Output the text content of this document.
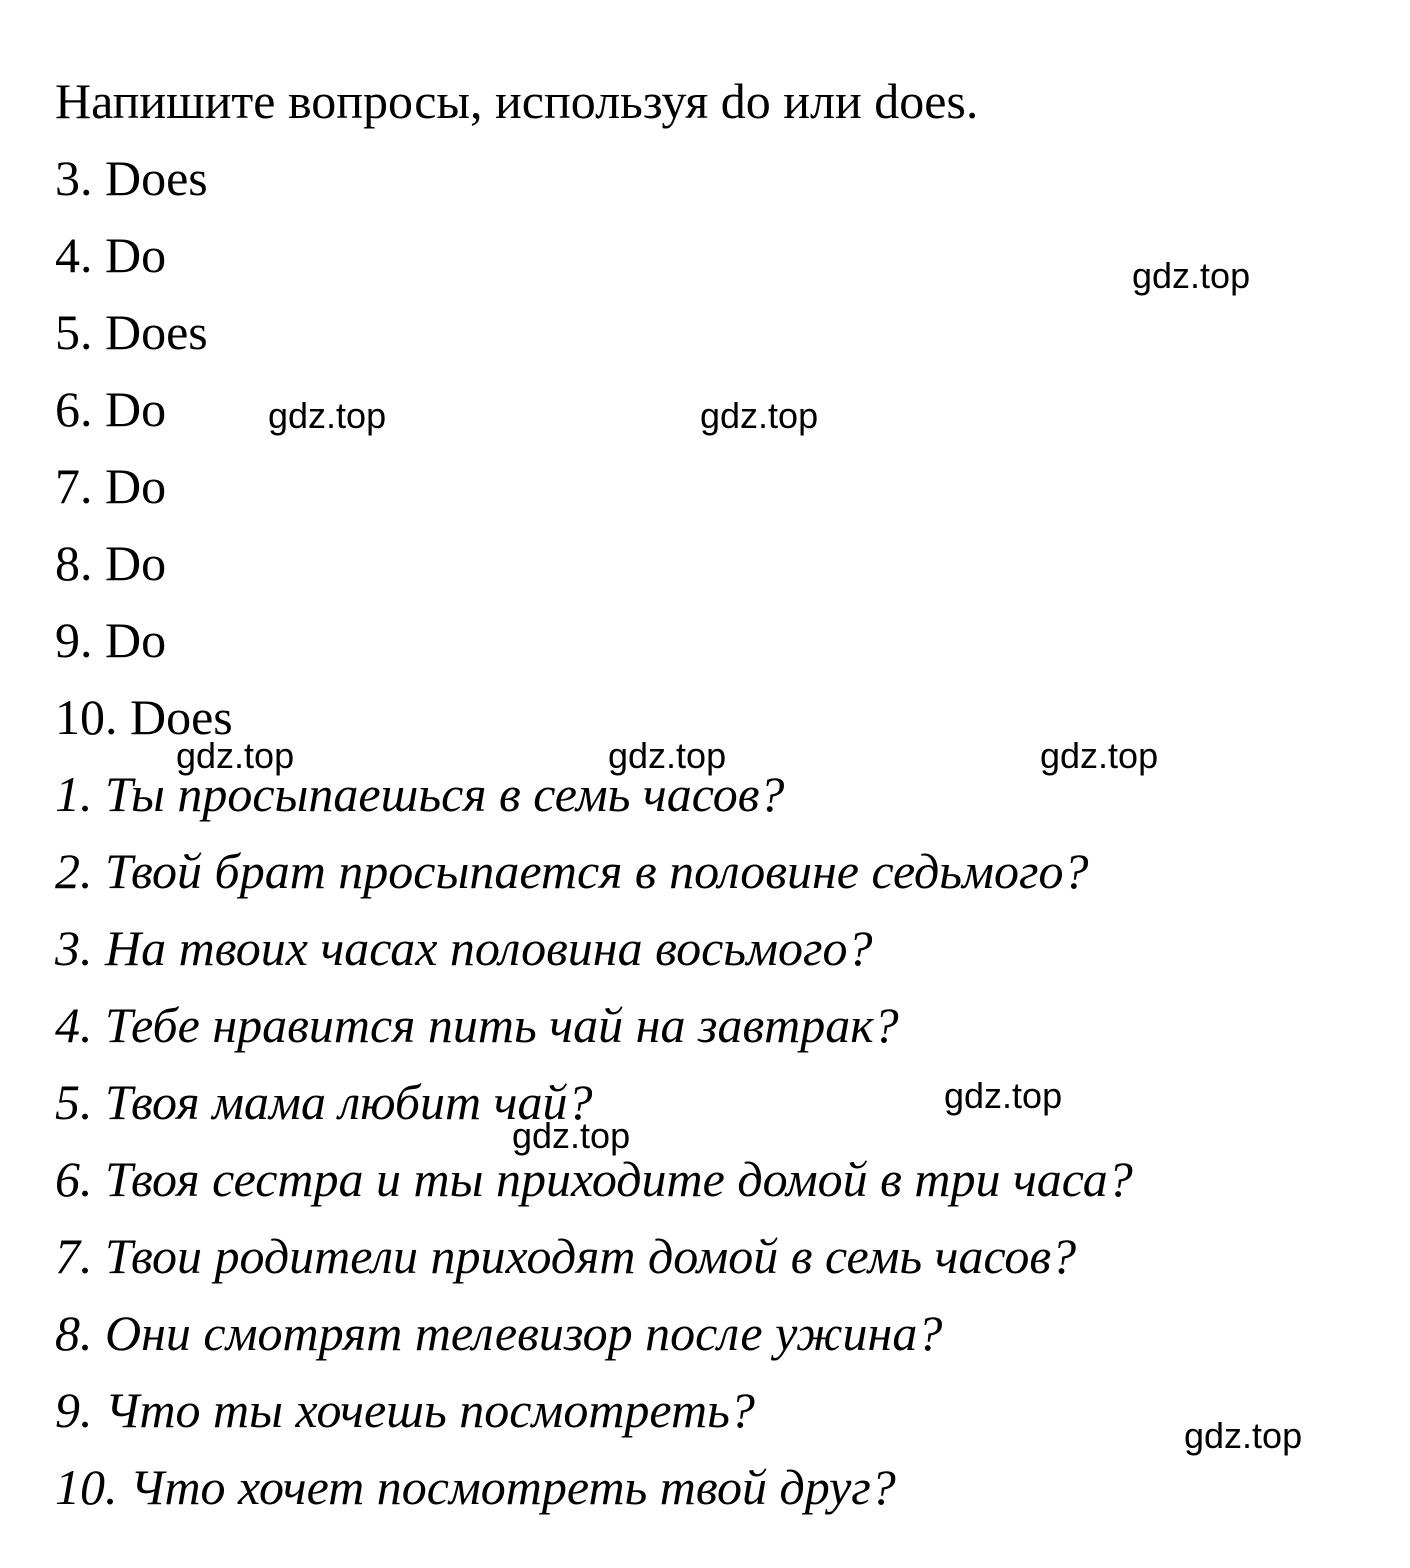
Напишите вопросы, используя do или does.
3. Does
4. Do
5. Does
6. Do
7. Do
8. Do
9. Do
10. Does
1. Ты просыпаешься в семь часов?
2. Твой брат просыпается в половине седьмого?
3. На твоих часах половина восьмого?
4. Тебе нравится пить чай на завтрак?
5. Твоя мама любит чай?
6. Твоя сестра и ты приходите домой в три часа?
7. Твои родители приходят домой в семь часов?
8. Они смотрят телевизор после ужина?
9. Что ты хочешь посмотреть?
10. Что хочет посмотреть твой друг?
gdz.top
gdz.top	gdz.top
gdz.top	gdz.top	gdz.top
gdz.top
gdz.top
gdz.top
